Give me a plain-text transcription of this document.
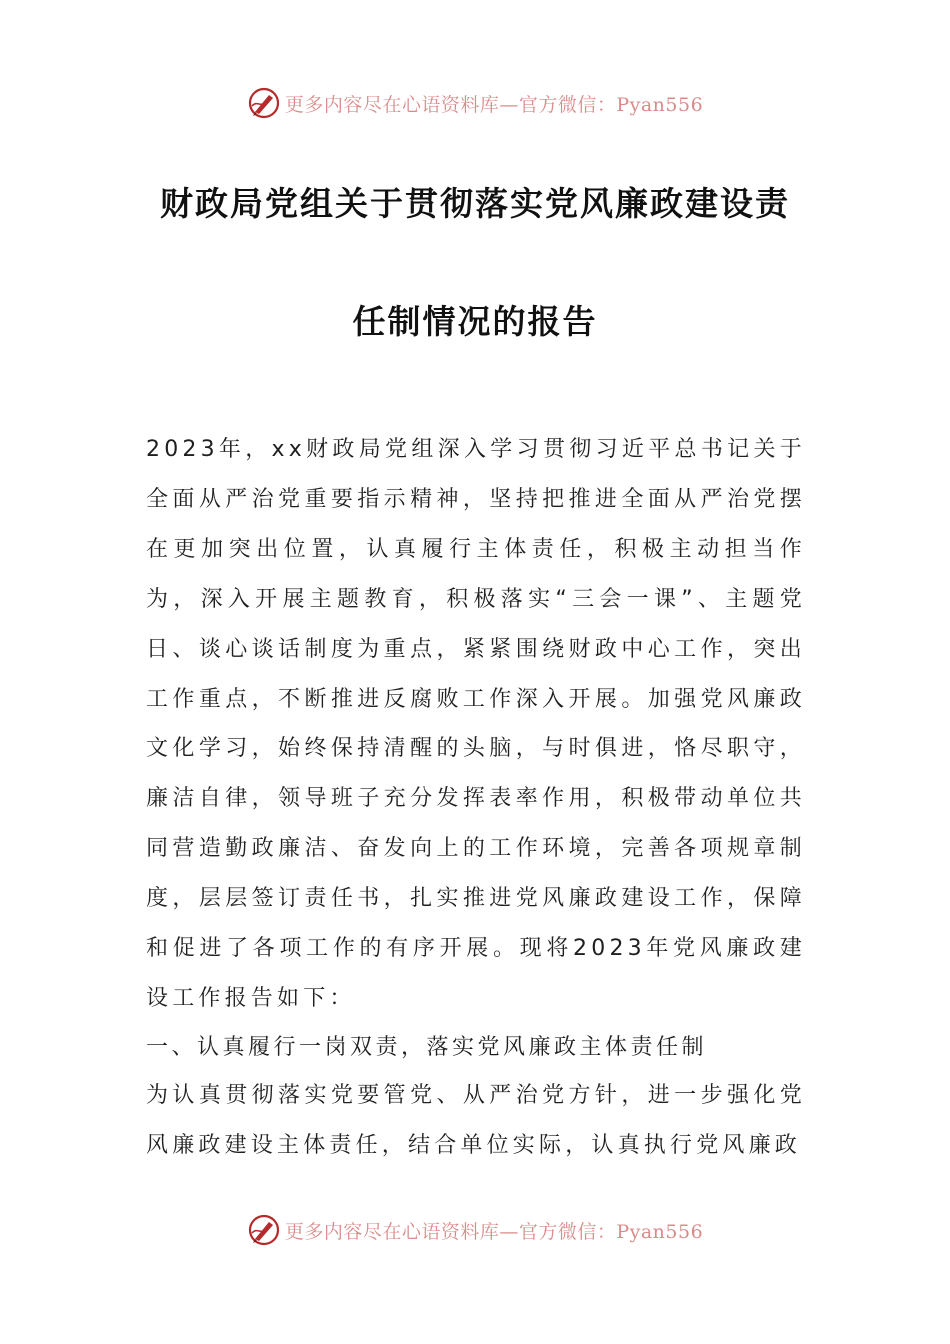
更多内容尽在心语资料库—官方微信：Pyan556
财政局党组关于贯彻落实党风廉政建设责
任制情况的报告

2023年，xx财政局党组深入学习贯彻习近平总书记关于全面从严治党重要指示精神，坚持把推进全面从严治党摆在更加突出位置，认真履行主体责任，积极主动担当作为，深入开展主题教育，积极落实“三会一课”、主题党日、谈心谈话制度为重点，紧紧围绕财政中心工作，突出工作重点，不断推进反腐败工作深入开展。加强党风廉政文化学习，始终保持清醒的头脑，与时俱进，恪尽职守，廉洁自律，领导班子充分发挥表率作用，积极带动单位共同营造勤政廉洁、奋发向上的工作环境，完善各项规章制度，层层签订责任书，扎实推进党风廉政建设工作，保障和促进了各项工作的有序开展。现将2023年党风廉政建设工作报告如下：

一、认真履行一岗双责，落实党风廉政主体责任制

为认真贯彻落实党要管党、从严治党方针，进一步强化党风廉政建设主体责任，结合单位实际，认真执行党风廉政

更多内容尽在心语资料库—官方微信：Pyan556
